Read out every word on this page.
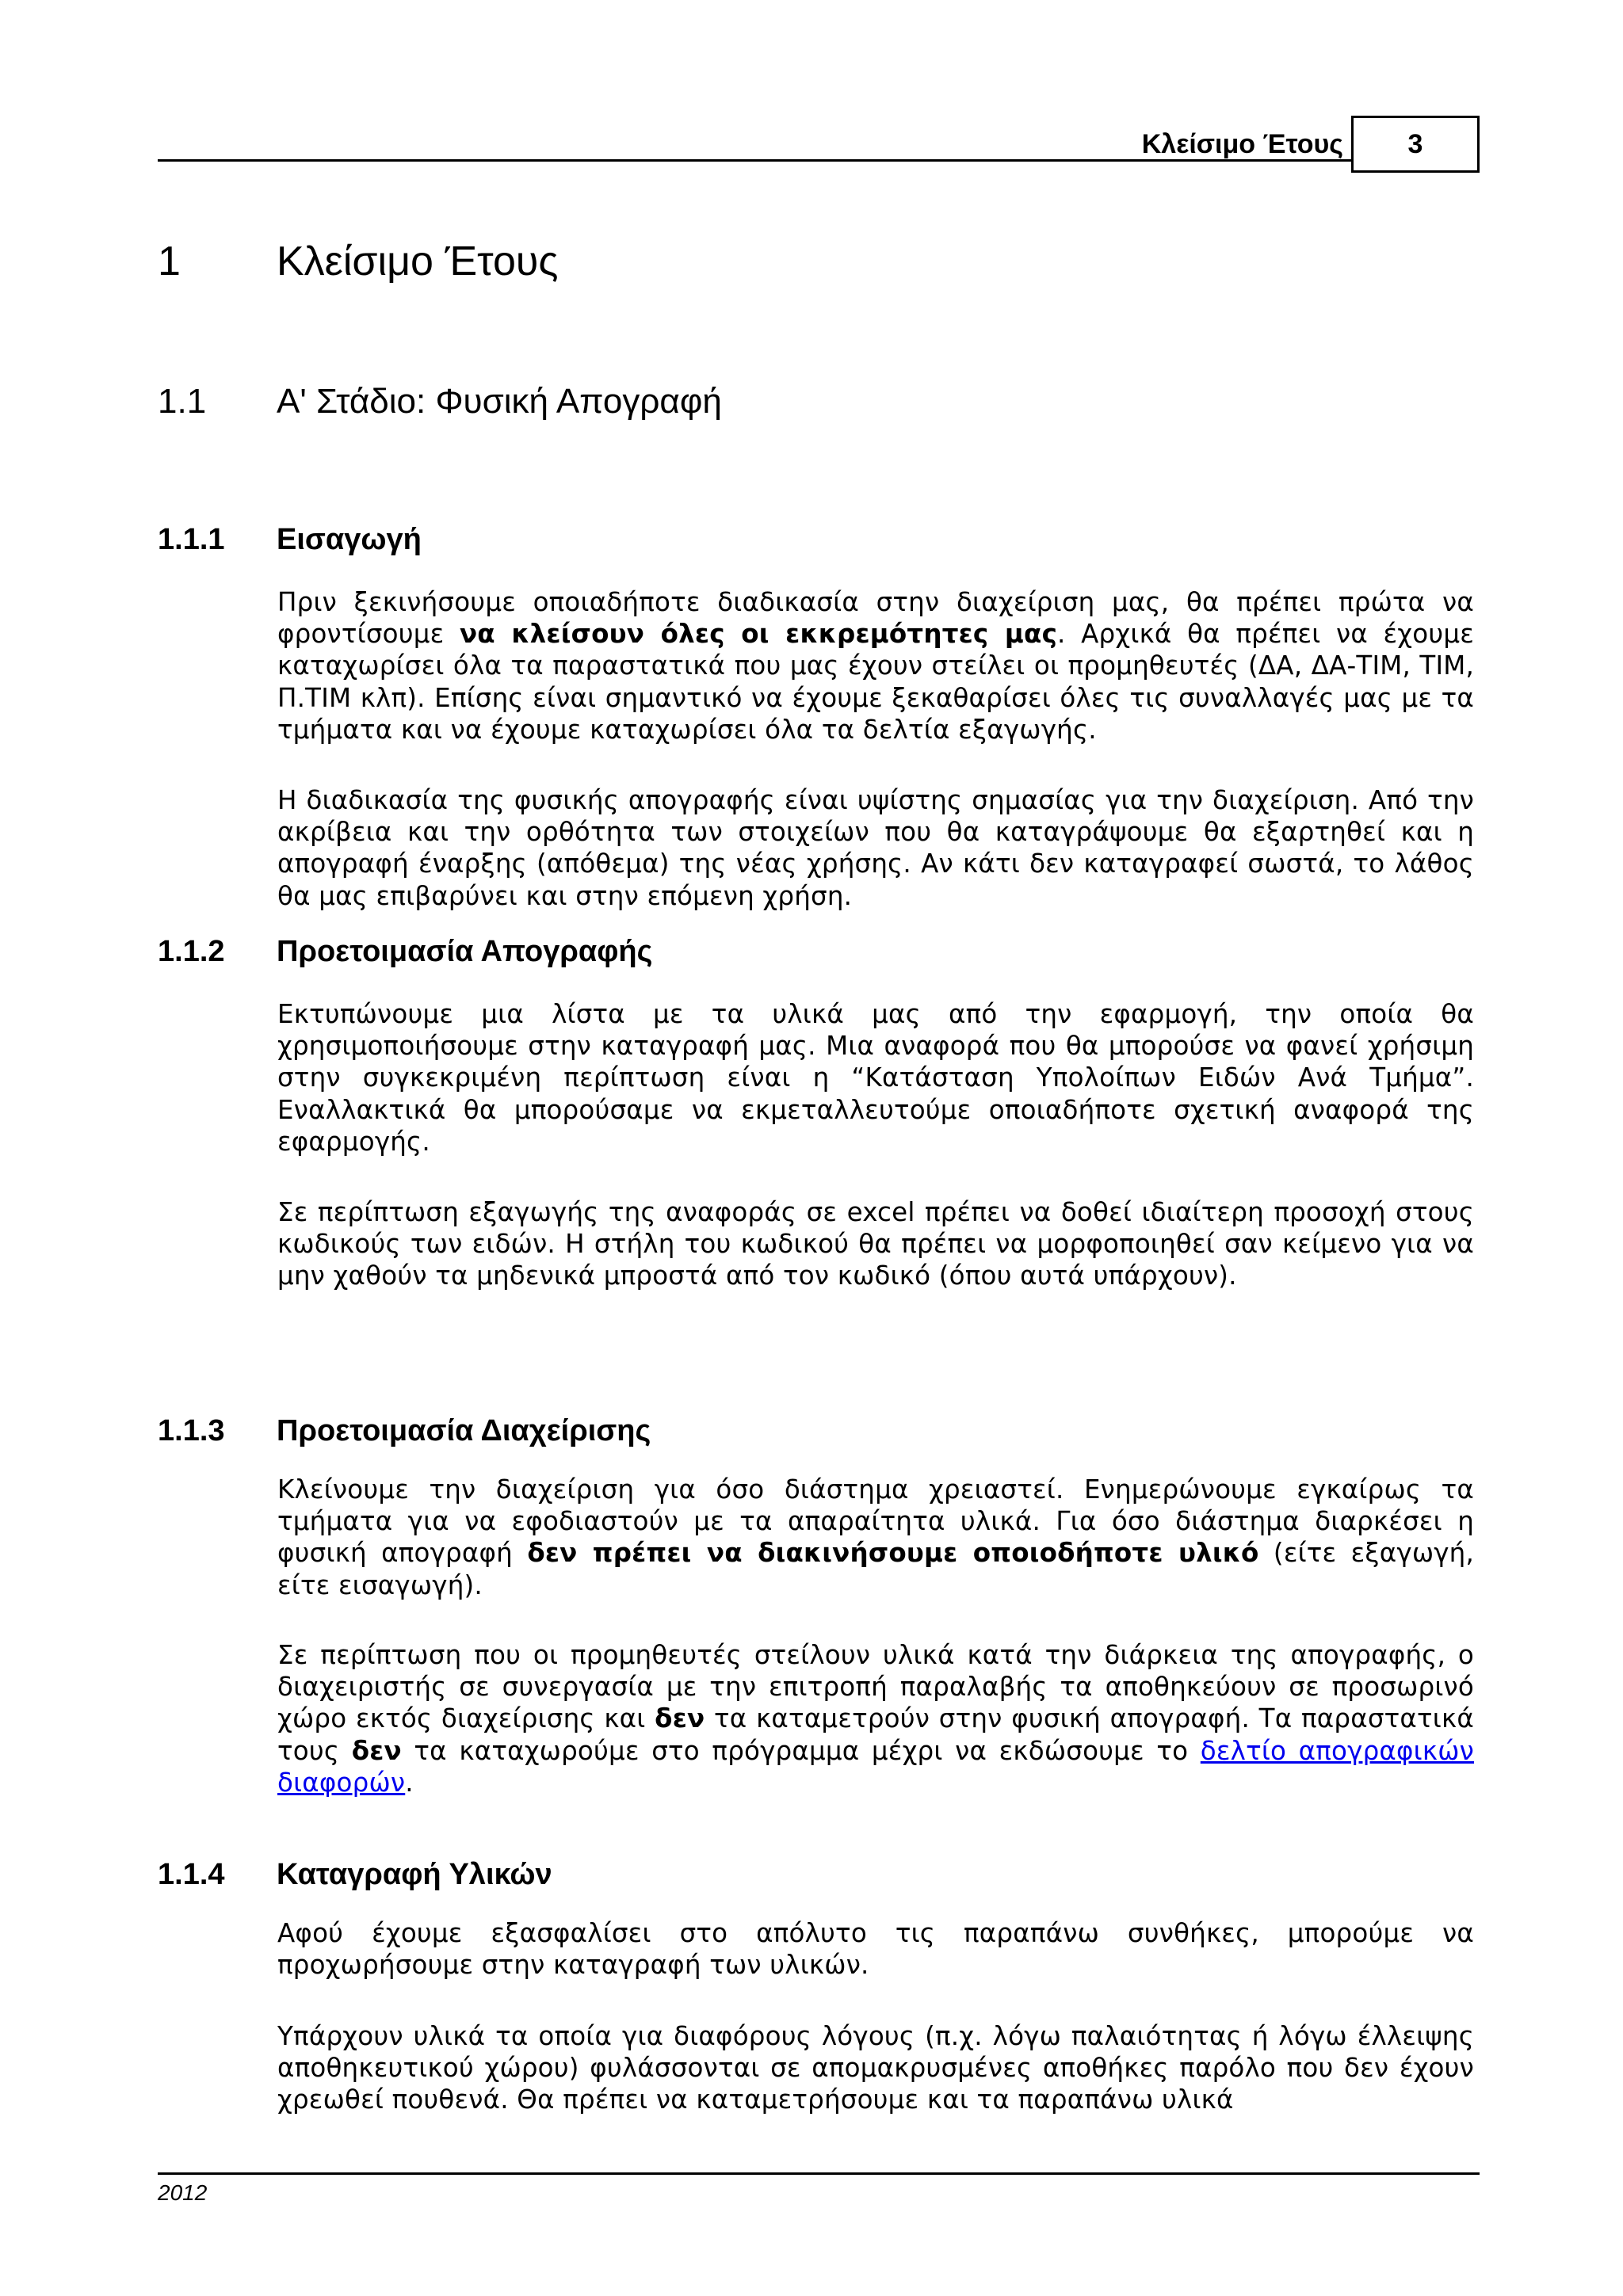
Κλείσιμο Έτους 3
1	Κλείσιμο Έτους
1.1	Α' Στάδιο: Φυσική Απογραφή
1.1.1	Εισαγωγή

Πριν ξεκινήσουμε οποιαδήποτε διαδικασία στην διαχείριση μας, θα πρέπει πρώτα να φροντίσουμε να κλείσουν όλες οι εκκρεμότητες μας. Αρχικά θα πρέπει να έχουμε καταχωρίσει όλα τα παραστατικά που μας έχουν στείλει οι προμηθευτές (ΔΑ, ΔΑ-ΤΙΜ, ΤΙΜ, Π.ΤΙΜ κλπ). Επίσης είναι σημαντικό να έχουμε ξεκαθαρίσει όλες τις συναλλαγές μας με τα τμήματα και να έχουμε καταχωρίσει όλα τα δελτία εξαγωγής.

Η διαδικασία της φυσικής απογραφής είναι υψίστης σημασίας για την διαχείριση. Από την ακρίβεια και την ορθότητα των στοιχείων που θα καταγράψουμε θα εξαρτηθεί και η απογραφή έναρξης (απόθεμα) της νέας χρήσης. Αν κάτι δεν καταγραφεί σωστά, το λάθος θα μας επιβαρύνει και στην επόμενη χρήση.

1.1.2	Προετοιμασία Απογραφής

Εκτυπώνουμε μια λίστα με τα υλικά μας από την εφαρμογή, την οποία θα χρησιμοποιήσουμε στην καταγραφή μας. Μια αναφορά που θα μπορούσε να φανεί χρήσιμη στην συγκεκριμένη περίπτωση είναι η “Κατάσταση Υπολοίπων Ειδών Ανά Τμήμα”. Εναλλακτικά θα μπορούσαμε να εκμεταλλευτούμε οποιαδήποτε σχετική αναφορά της εφαρμογής.

Σε περίπτωση εξαγωγής της αναφοράς σε excel πρέπει να δοθεί ιδιαίτερη προσοχή στους κωδικούς των ειδών. Η στήλη του κωδικού θα πρέπει να μορφοποιηθεί σαν κείμενο για να μην χαθούν τα μηδενικά μπροστά από τον κωδικό (όπου αυτά υπάρχουν).

1.1.3	Προετοιμασία Διαχείρισης

Κλείνουμε την διαχείριση για όσο διάστημα χρειαστεί. Ενημερώνουμε εγκαίρως τα τμήματα για να εφοδιαστούν με τα απαραίτητα υλικά. Για όσο διάστημα διαρκέσει η φυσική απογραφή δεν πρέπει να διακινήσουμε οποιοδήποτε υλικό (είτε εξαγωγή, είτε εισαγωγή).

Σε περίπτωση που οι προμηθευτές στείλουν υλικά κατά την διάρκεια της απογραφής, ο διαχειριστής σε συνεργασία με την επιτροπή παραλαβής τα αποθηκεύουν σε προσωρινό χώρο εκτός διαχείρισης και δεν τα καταμετρούν στην φυσική απογραφή. Τα παραστατικά τους δεν τα καταχωρούμε στο πρόγραμμα μέχρι να εκδώσουμε το δελτίο απογραφικών διαφορών.

1.1.4	Καταγραφή Υλικών

Αφού έχουμε εξασφαλίσει στο απόλυτο τις παραπάνω συνθήκες, μπορούμε να προχωρήσουμε στην καταγραφή των υλικών.

Υπάρχουν υλικά τα οποία για διαφόρους λόγους (π.χ. λόγω παλαιότητας ή λόγω έλλειψης αποθηκευτικού χώρου) φυλάσσονται σε απομακρυσμένες αποθήκες παρόλο που δεν έχουν χρεωθεί πουθενά. Θα πρέπει να καταμετρήσουμε και τα παραπάνω υλικά

2012
